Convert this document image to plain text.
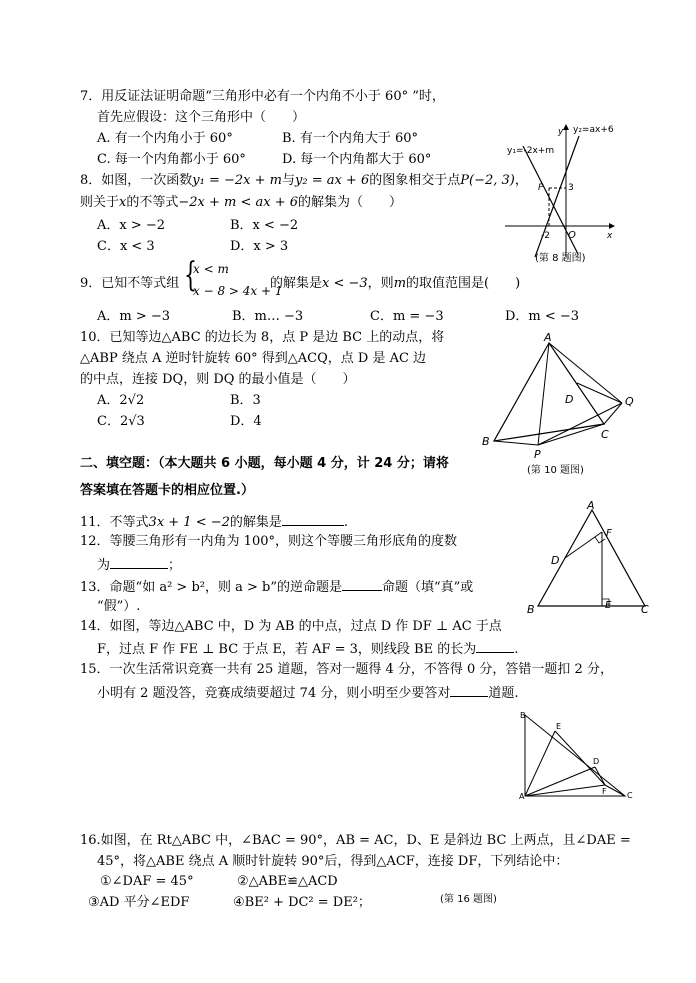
7．用反证法证明命题“三角形中必有一个内角不小于 60° ”时，
首先应假设：这个三角形中（　　）
A. 有一个内角小于 60°	B. 有一个内角大于 60°
C. 每一个内角都小于 60°	D. 每一个内角都大于 60°
8．如图，一次函数y₁ = −2x + m与y₂ = ax + 6的图象相交于点P(−2, 3)，
则关于x的不等式−2x + m < ax + 6的解集为（　　）
A．x > −2	B．x < −2
C．x < 3	D．x > 3
y₂=ax+6
y₁=-2x+m
P	3
-2 O	x
y
(第 8 题图)
9．已知不等式组 {
x < m
x − 8 > 4x + 1
的解集是x < −3，则m的取值范围是(　　)
A．m > −3	B．m… −3	C．m = −3	D．m < −3
10．已知等边△ABC 的边长为 8，点 P 是边 BC 上的动点，将
△ABP 绕点 A 逆时针旋转 60° 得到△ACQ，点 D 是 AC 边
的中点，连接 DQ，则 DQ 的最小值是（　　）
A．2√2	B．3
C．2√3	D．4
A
B
C
D
P
Q
(第 10 题图)
二、填空题：（本大题共 6 小题，每小题 4 分，计 24 分；请将
答案填在答题卡的相应位置.）
11．不等式3x + 1 < −2的解集是	.
12．等腰三角形有一内角为 100°，则这个等腰三角形底角的度数
为	；
13．命题“如 a² > b²，则 a > b”的逆命题是	命题（填“真”或
“假”）.
A
B	C
D
E
F
14．如图，等边△ABC 中，D 为 AB 的中点，过点 D 作 DF ⊥ AC 于点
F，过点 F 作 FE ⊥ BC 于点 E，若 AF = 3，则线段 BE 的长为	.
15．一次生活常识竞赛一共有 25 道题，答对一题得 4 分，不答得 0 分，答错一题扣 2 分，
小明有 2 题没答，竞赛成绩要超过 74 分，则小明至少要答对	道题.
B
E
D
A	C
F
16.如图，在 Rt△ABC 中，∠BAC = 90°，AB = AC，D、E 是斜边 BC 上两点，且∠DAE =
45°，将△ABE 绕点 A 顺时针旋转 90°后，得到△ACF，连接 DF，下列结论中：
①∠DAF = 45°	②△ABE≌△ACD
③AD 平分∠EDF	④BE² + DC² = DE²；	(第 16 题图)
